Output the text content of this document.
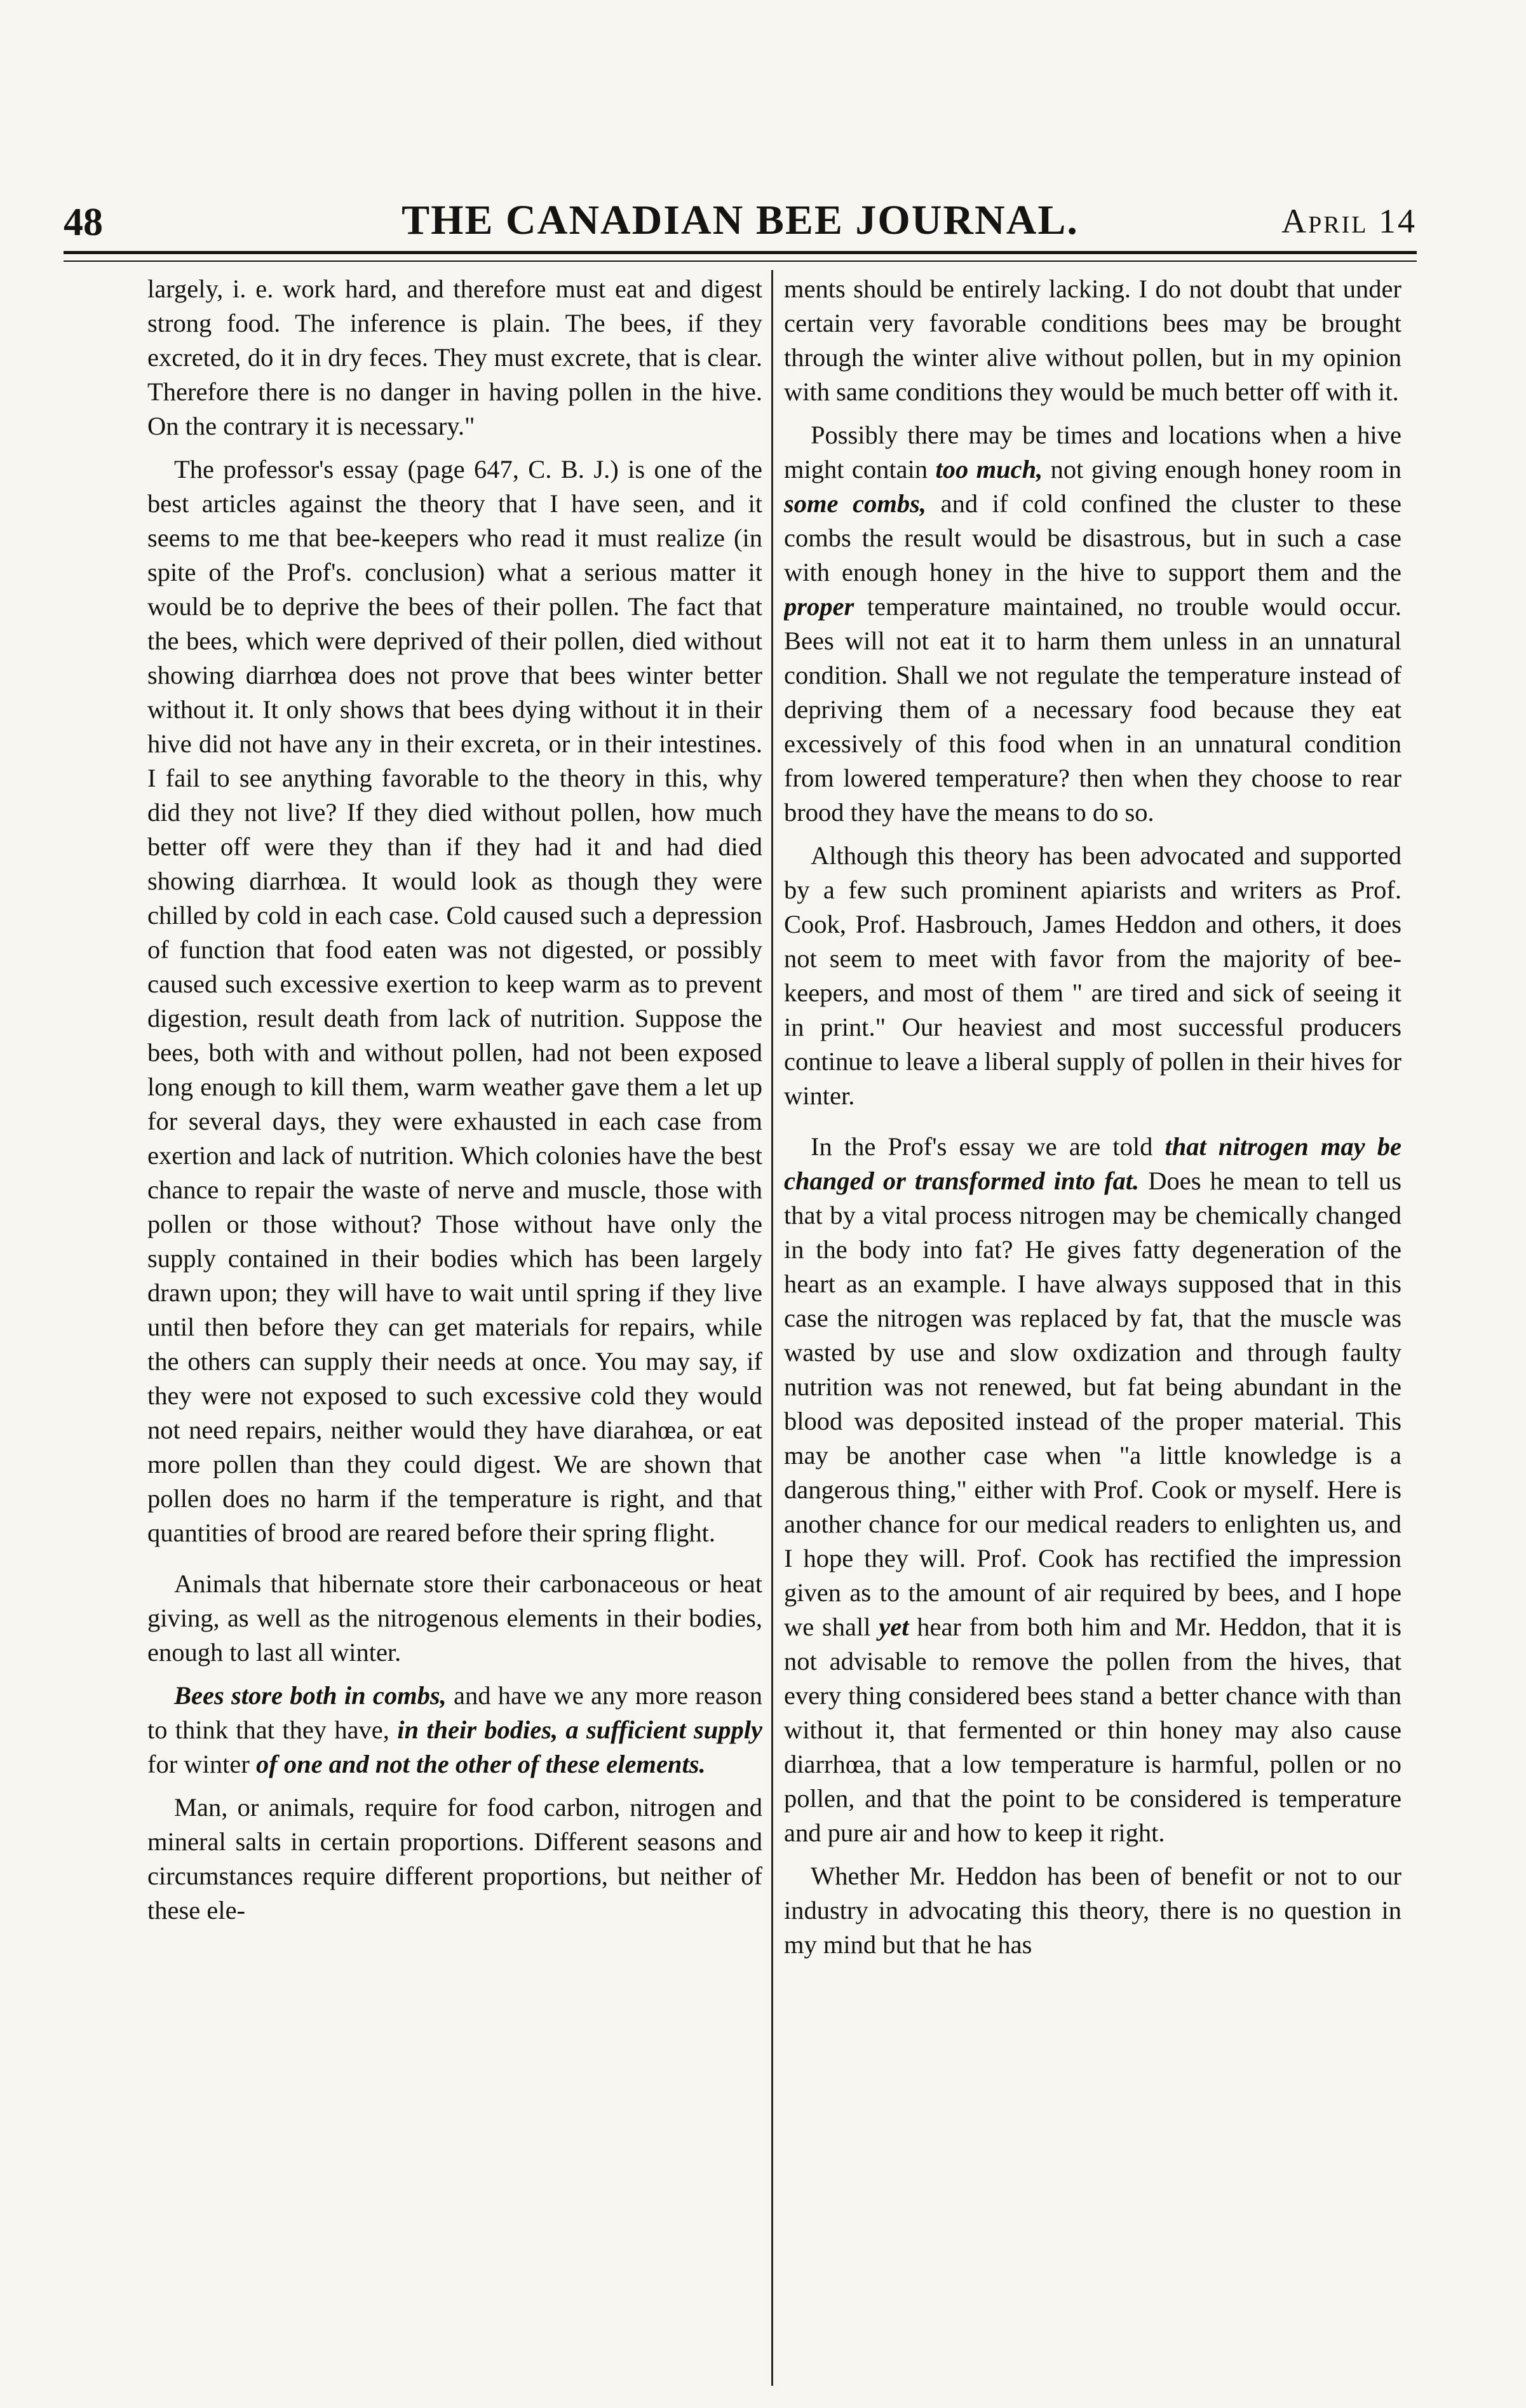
48	THE CANADIAN BEE JOURNAL.	April 14

largely, i. e. work hard, and therefore must eat and digest strong food. The inference is plain. The bees, if they excreted, do it in dry feces. They must excrete, that is clear. Therefore there is no danger in having pollen in the hive. On the contrary it is necessary."

The professor's essay (page 647, C. B. J.) is one of the best articles against the theory that I have seen, and it seems to me that bee-keepers who read it must realize (in spite of the Prof's. conclusion) what a serious matter it would be to deprive the bees of their pollen. The fact that the bees, which were deprived of their pollen, died without showing diarrhœa does not prove that bees winter better without it. It only shows that bees dying without it in their hive did not have any in their excreta, or in their intestines. I fail to see anything favorable to the theory in this, why did they not live? If they died without pollen, how much better off were they than if they had it and had died showing diarrhœa. It would look as though they were chilled by cold in each case. Cold caused such a depression of function that food eaten was not digested, or possibly caused such excessive exertion to keep warm as to prevent digestion, result death from lack of nutrition. Suppose the bees, both with and without pollen, had not been exposed long enough to kill them, warm weather gave them a let up for several days, they were exhausted in each case from exertion and lack of nutrition. Which colonies have the best chance to repair the waste of nerve and muscle, those with pollen or those without? Those without have only the supply contained in their bodies which has been largely drawn upon; they will have to wait until spring if they live until then before they can get materials for repairs, while the others can supply their needs at once. You may say, if they were not exposed to such excessive cold they would not need repairs, neither would they have diarahœa, or eat more pollen than they could digest. We are shown that pollen does no harm if the temperature is right, and that quantities of brood are reared before their spring flight.

Animals that hibernate store their carbonaceous or heat giving, as well as the nitrogenous elements in their bodies, enough to last all winter.

Bees store both in combs, and have we any more reason to think that they have, in their bodies, a sufficient supply for winter of one and not the other of these elements.

Man, or animals, require for food carbon, nitrogen and mineral salts in certain proportions. Different seasons and circumstances require different proportions, but neither of these ele-

ments should be entirely lacking. I do not doubt that under certain very favorable conditions bees may be brought through the winter alive without pollen, but in my opinion with same conditions they would be much better off with it.

Possibly there may be times and locations when a hive might contain too much, not giving enough honey room in some combs, and if cold confined the cluster to these combs the result would be disastrous, but in such a case with enough honey in the hive to support them and the proper temperature maintained, no trouble would occur. Bees will not eat it to harm them unless in an unnatural condition. Shall we not regulate the temperature instead of depriving them of a necessary food because they eat excessively of this food when in an unnatural condition from lowered temperature? then when they choose to rear brood they have the means to do so.

Although this theory has been advocated and supported by a few such prominent apiarists and writers as Prof. Cook, Prof. Hasbrouch, James Heddon and others, it does not seem to meet with favor from the majority of bee-keepers, and most of them " are tired and sick of seeing it in print." Our heaviest and most successful producers continue to leave a liberal supply of pollen in their hives for winter.

In the Prof's essay we are told that nitrogen may be changed or transformed into fat. Does he mean to tell us that by a vital process nitrogen may be chemically changed in the body into fat? He gives fatty degeneration of the heart as an example. I have always supposed that in this case the nitrogen was replaced by fat, that the muscle was wasted by use and slow oxdization and through faulty nutrition was not renewed, but fat being abundant in the blood was deposited instead of the proper material. This may be another case when "a little knowledge is a dangerous thing," either with Prof. Cook or myself. Here is another chance for our medical readers to enlighten us, and I hope they will. Prof. Cook has rectified the impression given as to the amount of air required by bees, and I hope we shall yet hear from both him and Mr. Heddon, that it is not advisable to remove the pollen from the hives, that every thing considered bees stand a better chance with than without it, that fermented or thin honey may also cause diarrhœa, that a low temperature is harmful, pollen or no pollen, and that the point to be considered is temperature and pure air and how to keep it right.

Whether Mr. Heddon has been of benefit or not to our industry in advocating this theory, there is no question in my mind but that he has
